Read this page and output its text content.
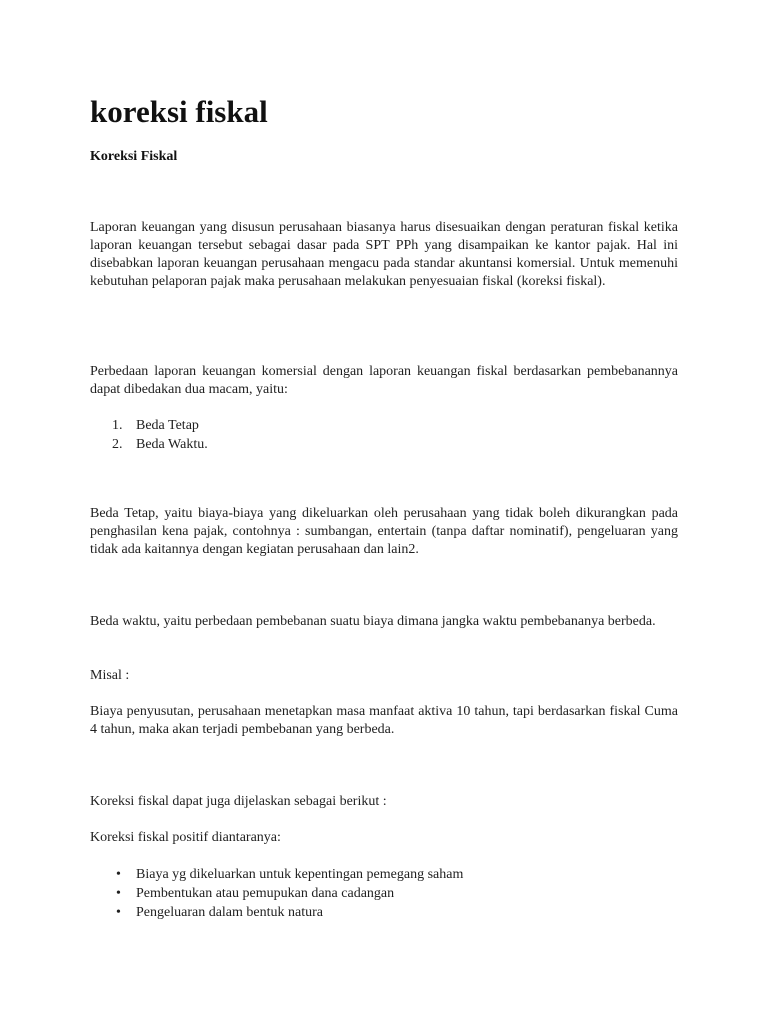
koreksi fiskal
Koreksi Fiskal

Laporan keuangan yang disusun perusahaan biasanya harus disesuaikan dengan peraturan fiskal ketika laporan keuangan tersebut sebagai dasar pada SPT PPh yang disampaikan ke kantor pajak. Hal ini disebabkan laporan keuangan perusahaan mengacu pada standar akuntansi komersial. Untuk memenuhi kebutuhan pelaporan pajak maka perusahaan melakukan penyesuaian fiskal (koreksi fiskal).

Perbedaan laporan keuangan komersial dengan laporan keuangan fiskal berdasarkan pembebanannya dapat dibedakan dua macam, yaitu:

1. Beda Tetap
2. Beda Waktu.

Beda Tetap, yaitu biaya-biaya yang dikeluarkan oleh perusahaan yang tidak boleh dikurangkan pada penghasilan kena pajak, contohnya : sumbangan, entertain (tanpa daftar nominatif), pengeluaran yang tidak ada kaitannya dengan kegiatan perusahaan dan lain2.

Beda waktu, yaitu perbedaan pembebanan suatu biaya dimana jangka waktu pembebananya berbeda.

Misal :

Biaya penyusutan, perusahaan menetapkan masa manfaat aktiva 10 tahun, tapi berdasarkan fiskal Cuma 4 tahun, maka akan terjadi pembebanan yang berbeda.

Koreksi fiskal dapat juga dijelaskan sebagai berikut :

Koreksi fiskal positif diantaranya:

• Biaya yg dikeluarkan untuk kepentingan pemegang saham
• Pembentukan atau pemupukan dana cadangan
• Pengeluaran dalam bentuk natura
